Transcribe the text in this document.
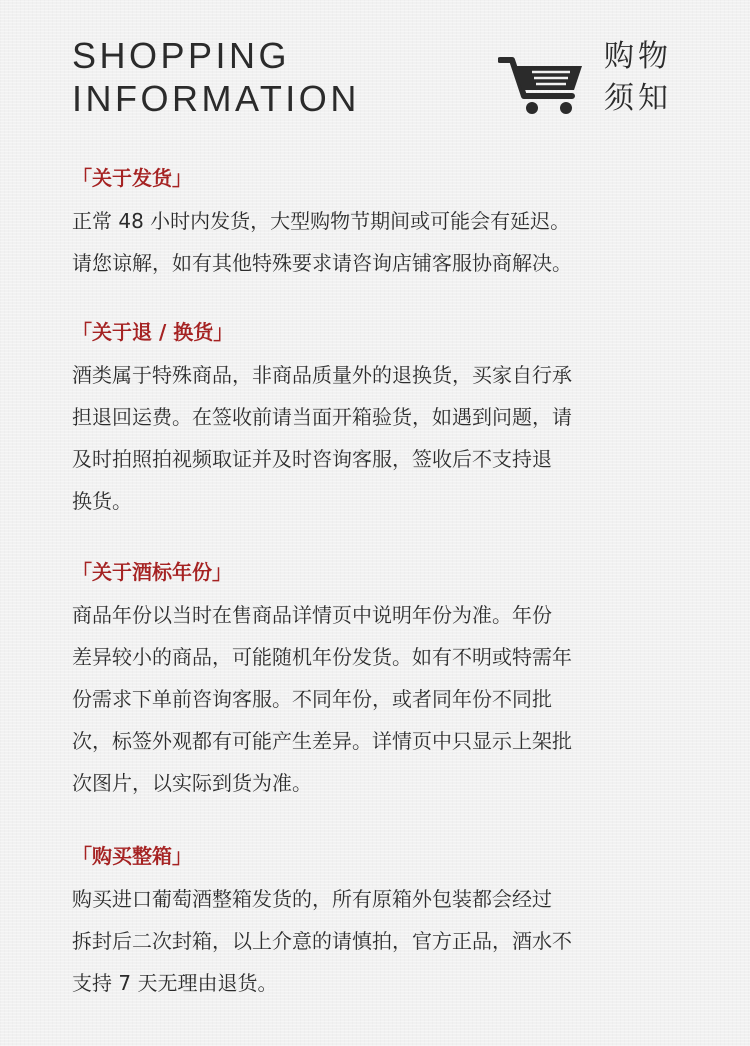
SHOPPING
INFORMATION
购物
须知
「关于发货」
正常 48 小时内发货，大型购物节期间或可能会有延迟。
请您谅解，如有其他特殊要求请咨询店铺客服协商解决。
「关于退 / 换货」
酒类属于特殊商品，非商品质量外的退换货，买家自行承
担退回运费。在签收前请当面开箱验货，如遇到问题，请
及时拍照拍视频取证并及时咨询客服，签收后不支持退
换货。
「关于酒标年份」
商品年份以当时在售商品详情页中说明年份为准。年份
差异较小的商品，可能随机年份发货。如有不明或特需年
份需求下单前咨询客服。不同年份，或者同年份不同批
次，标签外观都有可能产生差异。详情页中只显示上架批
次图片，以实际到货为准。
「购买整箱」
购买进口葡萄酒整箱发货的，所有原箱外包装都会经过
拆封后二次封箱，以上介意的请慎拍，官方正品，酒水不
支持 7 天无理由退货。
